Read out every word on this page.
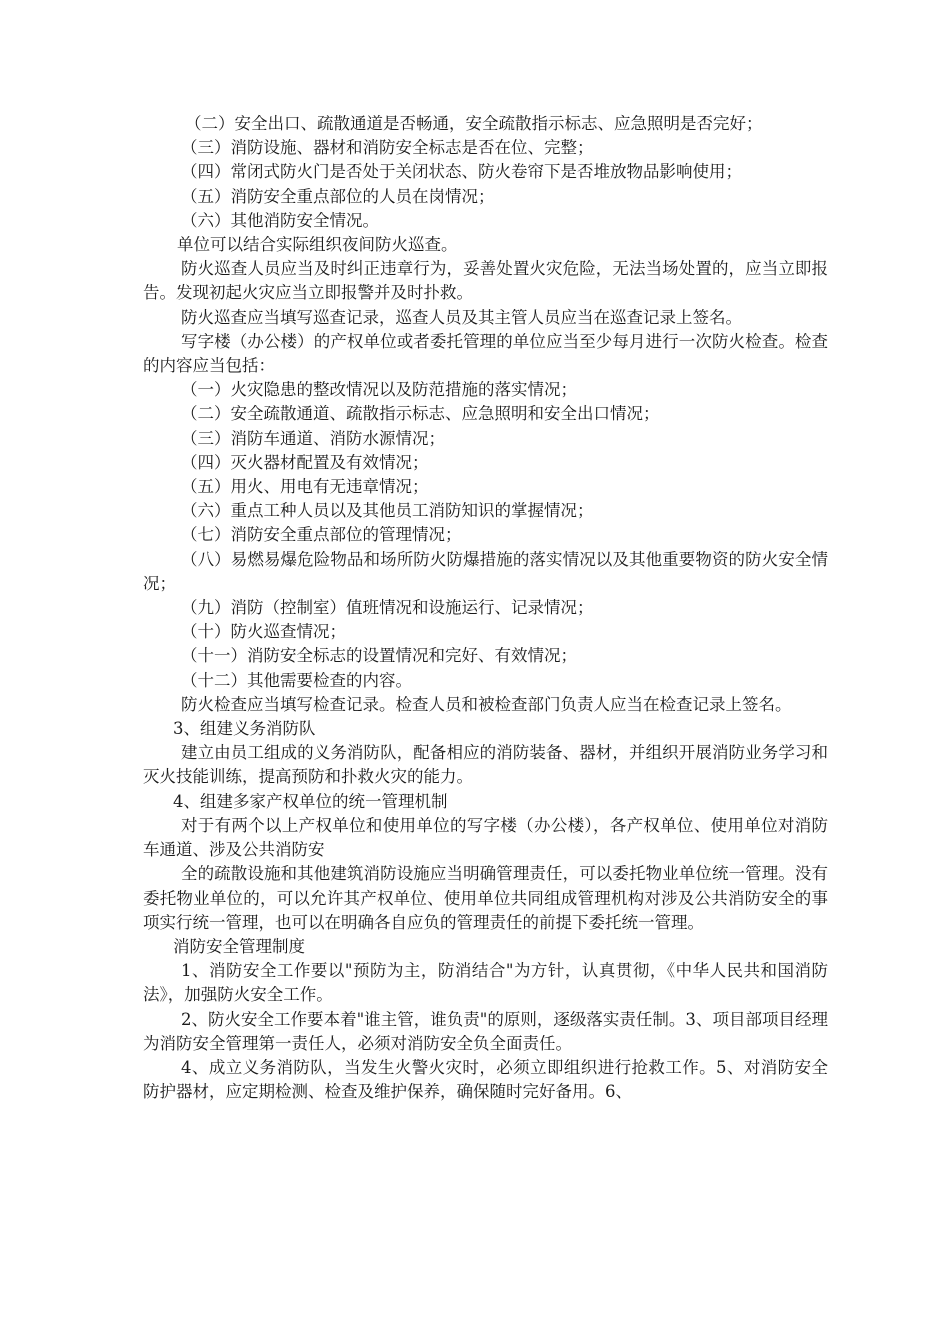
（二）安全出口、疏散通道是否畅通，安全疏散指示标志、应急照明是否完好；

（三）消防设施、器材和消防安全标志是否在位、完整；

（四）常闭式防火门是否处于关闭状态、防火卷帘下是否堆放物品影响使用；

（五）消防安全重点部位的人员在岗情况；

（六）其他消防安全情况。

单位可以结合实际组织夜间防火巡查。

防火巡查人员应当及时纠正违章行为，妥善处置火灾危险，无法当场处置的，应当立即报告。发现初起火灾应当立即报警并及时扑救。

防火巡查应当填写巡查记录，巡查人员及其主管人员应当在巡查记录上签名。

写字楼（办公楼）的产权单位或者委托管理的单位应当至少每月进行一次防火检查。检查的内容应当包括：

（一）火灾隐患的整改情况以及防范措施的落实情况；

（二）安全疏散通道、疏散指示标志、应急照明和安全出口情况；

（三）消防车通道、消防水源情况；

（四）灭火器材配置及有效情况；

（五）用火、用电有无违章情况；

（六）重点工种人员以及其他员工消防知识的掌握情况；

（七）消防安全重点部位的管理情况；

（八）易燃易爆危险物品和场所防火防爆措施的落实情况以及其他重要物资的防火安全情况；

（九）消防（控制室）值班情况和设施运行、记录情况；

（十）防火巡查情况；

（十一）消防安全标志的设置情况和完好、有效情况；

（十二）其他需要检查的内容。

防火检查应当填写检查记录。检查人员和被检查部门负责人应当在检查记录上签名。

3、组建义务消防队

建立由员工组成的义务消防队，配备相应的消防装备、器材，并组织开展消防业务学习和灭火技能训练，提高预防和扑救火灾的能力。

4、组建多家产权单位的统一管理机制

对于有两个以上产权单位和使用单位的写字楼（办公楼），各产权单位、使用单位对消防车通道、涉及公共消防安

全的疏散设施和其他建筑消防设施应当明确管理责任，可以委托物业单位统一管理。没有委托物业单位的，可以允许其产权单位、使用单位共同组成管理机构对涉及公共消防安全的事项实行统一管理，也可以在明确各自应负的管理责任的前提下委托统一管理。

消防安全管理制度

1、消防安全工作要以"预防为主，防消结合"为方针，认真贯彻，《中华人民共和国消防法》，加强防火安全工作。

2、防火安全工作要本着"谁主管，谁负责"的原则，逐级落实责任制。3、项目部项目经理为消防安全管理第一责任人，必须对消防安全负全面责任。

4、成立义务消防队，当发生火警火灾时，必须立即组织进行抢救工作。5、对消防安全防护器材，应定期检测、检查及维护保养，确保随时完好备用。6、
